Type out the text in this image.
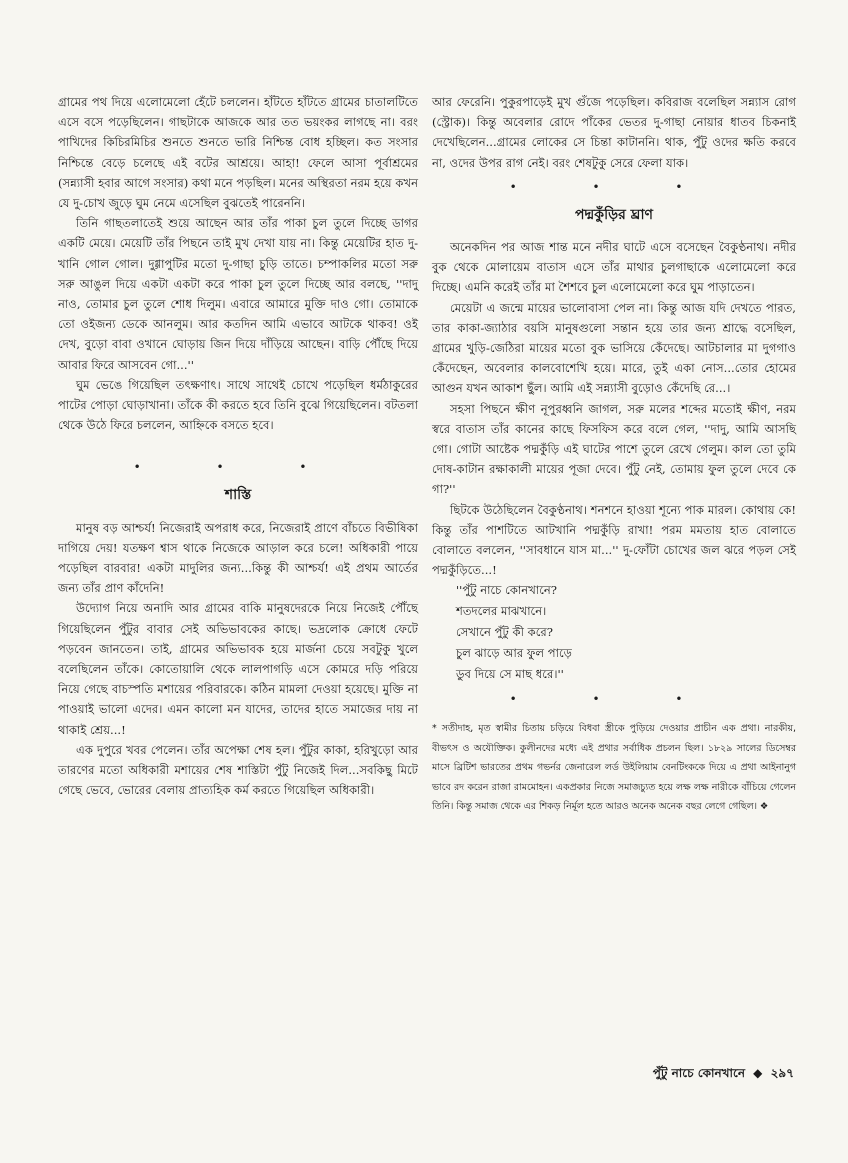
গ্রামের পথ দিয়ে এলোমেলো হেঁটে চললেন। হাঁটতে হাঁটতে গ্রামের চাতালটিতে এসে বসে পড়েছিলেন। গাছটাকে আজকে আর তত ভয়ংকর লাগছে না। বরং পাখিদের কিচিরমিচির শুনতে শুনতে ভারি নিশ্চিন্ত বোধ হচ্ছিল। কত সংসার নিশ্চিন্তে বেড়ে চলেছে এই বটের আশ্রয়ে। আহা! ফেলে আসা পূর্বাশ্রমের (সন্ন্যাসী হবার আগে সংসার) কথা মনে পড়ছিল। মনের অস্থিরতা নরম হয়ে কখন যে দু-চোখ জুড়ে ঘুম নেমে এসেছিল বুঝতেই পারেননি।

তিনি গাছতলাতেই শুয়ে আছেন আর তাঁর পাকা চুল তুলে দিচ্ছে ডাগর একটি মেয়ে। মেয়েটি তাঁর পিছনে তাই মুখ দেখা যায় না। কিন্তু মেয়েটির হাত দু-খানি গোল গোল। দুগ্গাপুটির মতো দু-গাছা চুড়ি তাতে। চম্পাকলির মতো সরু সরু আঙুল দিয়ে একটা একটা করে পাকা চুল তুলে দিচ্ছে আর বলছে, ''দাদু নাও, তোমার চুল তুলে শোধ দিলুম। এবারে আমারে মুক্তি দাও গো। তোমাকে তো ওইজন্য ডেকে আনলুম। আর কতদিন আমি এভাবে আটকে থাকব! ওই দেখ, বুড়ো বাবা ওখানে ঘোড়ায় জিন দিয়ে দাঁড়িয়ে আছেন। বাড়ি পৌঁছে দিয়ে আবার ফিরে আসবেন গো...''

ঘুম ভেঙে গিয়েছিল তৎক্ষণাৎ। সাথে সাথেই চোখে পড়েছিল ধর্মঠাকুরের পাটের পোড়া ঘোড়াখানা। তাঁকে কী করতে হবে তিনি বুঝে গিয়েছিলেন। বটতলা থেকে উঠে ফিরে চললেন, আহ্নিকে বসতে হবে।

• • •
শাস্তি

মানুষ বড় আশ্চর্য! নিজেরাই অপরাধ করে, নিজেরাই প্রাণে বাঁচতে বিভীষিকা দাগিয়ে দেয়! যতক্ষণ শ্বাস থাকে নিজেকে আড়াল করে চলে! অধিকারী পায়ে পড়েছিল বারবার! একটা মাদুলির জন্য...কিন্তু কী আশ্চর্য! এই প্রথম আর্তের জন্য তাঁর প্রাণ কাঁদেনি!

উদ্যোগ নিয়ে অনাদি আর গ্রামের বাকি মানুষদেরকে নিয়ে নিজেই পৌঁছে গিয়েছিলেন পুঁটুর বাবার সেই অভিভাবকের কাছে। ভদ্রলোক ক্রোধে ফেটে পড়বেন জানতেন। তাই, গ্রামের অভিভাবক হয়ে মার্জনা চেয়ে সবটুকু খুলে বলেছিলেন তাঁকে। কোতোয়ালি থেকে লালপাগড়ি এসে কোমরে দড়ি পরিয়ে নিয়ে গেছে বাচস্পতি মশায়ের পরিবারকে। কঠিন মামলা দেওয়া হয়েছে। মুক্তি না পাওয়াই ভালো এদের। এমন কালো মন যাদের, তাদের হাতে সমাজের দায় না থাকাই শ্রেয়...!

এক দুপুরে খবর পেলেন। তাঁর অপেক্ষা শেষ হল। পুঁটুর কাকা, হরিখুড়ো আর তারণের মতো অধিকারী মশায়ের শেষ শাস্তিটা পুঁটু নিজেই দিল...সবকিছু মিটে গেছে ভেবে, ভোরের বেলায় প্রাত্যহিক কর্ম করতে গিয়েছিল অধিকারী।

আর ফেরেনি। পুকুরপাড়েই মুখ গুঁজে পড়েছিল। কবিরাজ বলেছিল সন্ন্যাস রোগ (স্ট্রোক)। কিন্তু অবেলার রোদে পাঁকের ভেতর দু-গাছা নোয়ার ধাতব চিকনাই দেখেছিলেন...গ্রামের লোকের সে চিন্তা কাটাননি। থাক, পুঁটু ওদের ক্ষতি করবে না, ওদের উপর রাগ নেই। বরং শেষটুকু সেরে ফেলা যাক।

• • •
পদ্মকুঁড়ির ঘ্রাণ

অনেকদিন পর আজ শান্ত মনে নদীর ঘাটে এসে বসেছেন বৈকুণ্ঠনাথ। নদীর বুক থেকে মোলায়েম বাতাস এসে তাঁর মাথার চুলগাছাকে এলোমেলো করে দিচ্ছে। এমনি করেই তাঁর মা শৈশবে চুল এলোমেলো করে ঘুম পাড়াতেন।

মেয়েটা এ জন্মে মায়ের ভালোবাসা পেল না। কিন্তু আজ যদি দেখতে পারত, তার কাকা-জ্যাঠার বয়সি মানুষগুলো সন্তান হয়ে তার জন্য শ্রাদ্ধে বসেছিল, গ্রামের খুড়ি-জেঠিরা মায়ের মতো বুক ভাসিয়ে কেঁদেছে। আটচালার মা দুগগাও কেঁদেছেন, অবেলার কালবোশেখি হয়ে। মারে, তুই একা নোস...তোর হোমের আগুন যখন আকাশ ছুঁল। আমি এই সন্ন্যাসী বুড়োও কেঁদেছি রে...।

সহসা পিছনে ক্ষীণ নূপুরধ্বনি জাগল, সরু মলের শব্দের মতোই ক্ষীণ, নরম স্বরে বাতাস তাঁর কানের কাছে ফিসফিস করে বলে গেল, ''দাদু, আমি আসছি গো। গোটা আষ্টেক পদ্মকুঁড়ি এই ঘাটের পাশে তুলে রেখে গেলুম। কাল তো তুমি দোষ-কাটান রক্ষাকালী মায়ের পূজা দেবে। পুঁটু নেই, তোমায় ফুল তুলে দেবে কে গা?''

ছিটকে উঠেছিলেন বৈকুণ্ঠনাথ। শনশনে হাওয়া শূন্যে পাক মারল। কোথায় কে! কিন্তু তাঁর পাশটিতে আটখানি পদ্মকুঁড়ি রাখা! পরম মমতায় হাত বোলাতে বোলাতে বললেন, ''সাবধানে যাস মা...'' দু-ফোঁটা চোখের জল ঝরে পড়ল সেই পদ্মকুঁড়িতে...!

''পুঁটু নাচে কোনখানে?
শতদলের মাঝখানে।
সেখানে পুঁটু কী করে?
চুল ঝাড়ে আর ফুল পাড়ে
ডুব দিয়ে সে মাছ ধরে।''
• • •
* সতীদাহ, মৃত স্বামীর চিতায় চড়িয়ে বিধবা স্ত্রীকে পুড়িয়ে দেওয়ার প্রাচীন এক প্রথা। নারকীয়, বীভৎস ও অযৌক্তিক। কুলীনদের মধ্যে এই প্রথার সর্বাধিক প্রচলন ছিল। ১৮২৯ সালের ডিসেম্বর মাসে ব্রিটিশ ভারতের প্রথম গভর্নর জেনারেল লর্ড উইলিয়াম বেনটিংককে দিয়ে এ প্রথা আইনানুগ ভাবে রদ করেন রাজা রামমোহন। একপ্রকার নিজে সমাজচ্যুত হয়ে লক্ষ লক্ষ নারীকে বাঁচিয়ে গেলেন তিনি। কিন্তু সমাজ থেকে এর শিকড় নির্মূল হতে আরও অনেক অনেক বছর লেগে গেছিল। ❖
পুঁটু নাচে কোনখানে ◆ ২৯৭
